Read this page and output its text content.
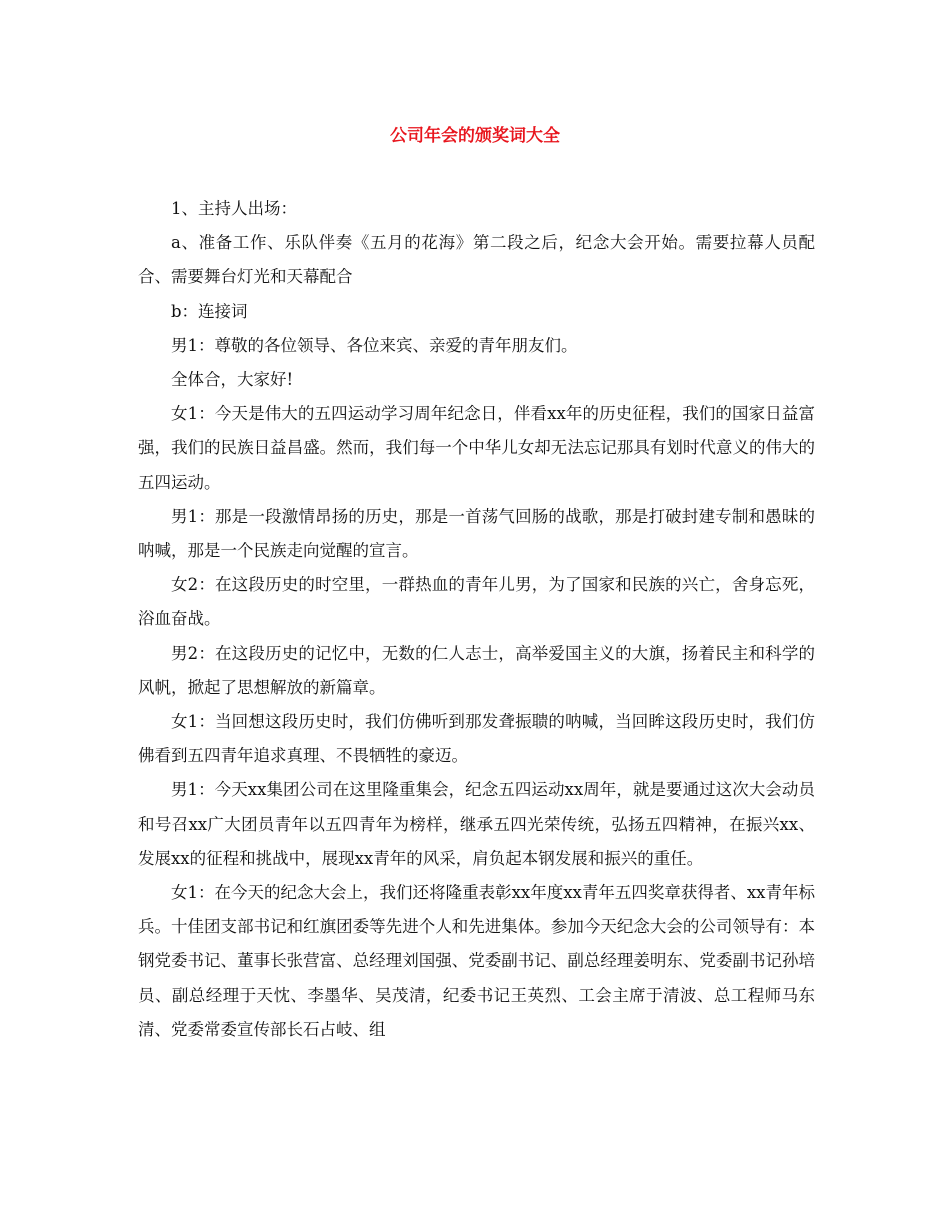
公司年会的颁奖词大全

1、主持人出场：

a、准备工作、乐队伴奏《五月的花海》第二段之后，纪念大会开始。需要拉幕人员配合、需要舞台灯光和天幕配合

b：连接词

男1：尊敬的各位领导、各位来宾、亲爱的青年朋友们。

全体合，大家好!

女1：今天是伟大的五四运动学习周年纪念日，伴看xx年的历史征程，我们的国家日益富强，我们的民族日益昌盛。然而，我们每一个中华儿女却无法忘记那具有划时代意义的伟大的五四运动。

男1：那是一段激情昂扬的历史，那是一首荡气回肠的战歌，那是打破封建专制和愚昧的呐喊，那是一个民族走向觉醒的宣言。

女2：在这段历史的时空里，一群热血的青年儿男，为了国家和民族的兴亡，舍身忘死，浴血奋战。

男2：在这段历史的记忆中，无数的仁人志士，高举爱国主义的大旗，扬着民主和科学的风帆，掀起了思想解放的新篇章。

女1：当回想这段历史时，我们仿佛听到那发聋振聩的呐喊，当回眸这段历史时，我们仿佛看到五四青年追求真理、不畏牺牲的豪迈。

男1：今天xx集团公司在这里隆重集会，纪念五四运动xx周年，就是要通过这次大会动员和号召xx广大团员青年以五四青年为榜样，继承五四光荣传统，弘扬五四精神，在振兴xx、发展xx的征程和挑战中，展现xx青年的风采，肩负起本钢发展和振兴的重任。

女1：在今天的纪念大会上，我们还将隆重表彰xx年度xx青年五四奖章获得者、xx青年标兵。十佳团支部书记和红旗团委等先进个人和先进集体。参加今天纪念大会的公司领导有：本钢党委书记、董事长张营富、总经理刘国强、党委副书记、副总经理姜明东、党委副书记孙培员、副总经理于天忱、李墨华、吴茂清，纪委书记王英烈、工会主席于清波、总工程师马东清、党委常委宣传部长石占岐、组
